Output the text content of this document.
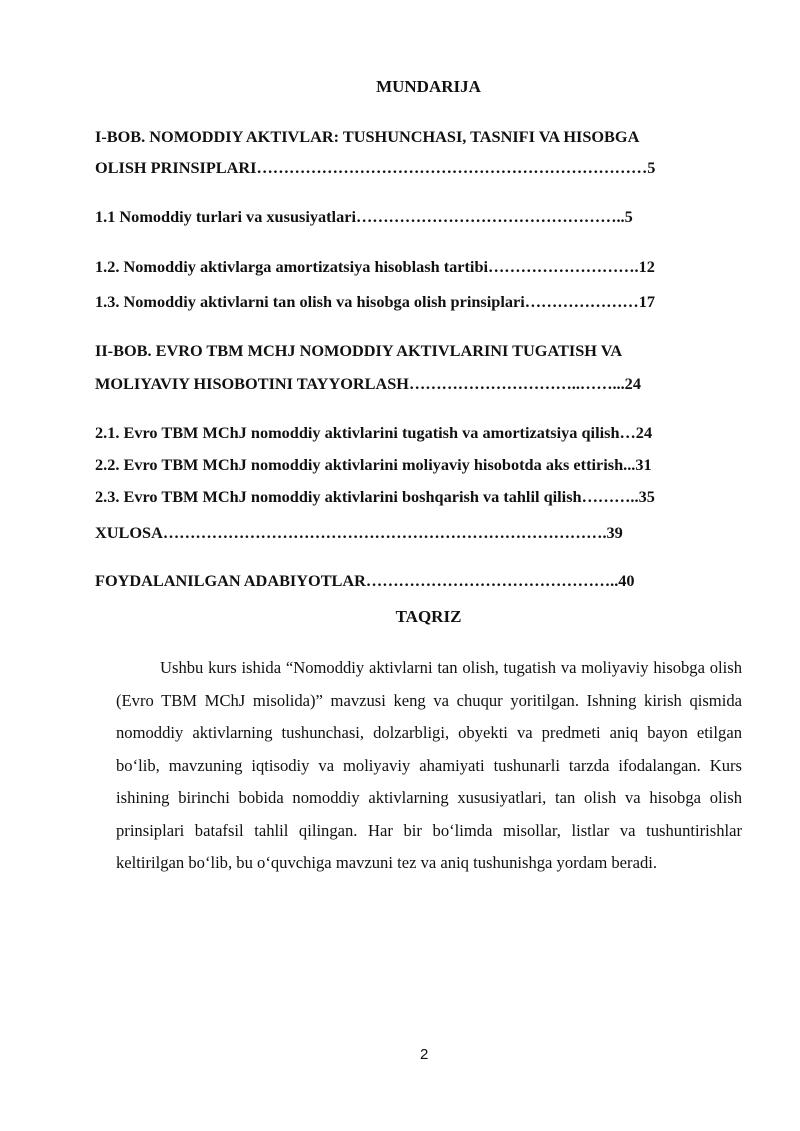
MUNDARIJA
I-BOB. NOMODDIY AKTIVLAR: TUSHUNCHASI, TASNIFI VA HISOBGA
OLISH PRINSIPLARI………………………………………………………………5
1.1 Nomoddiy turlari va xususiyatlari…………………………………………..5
1.2. Nomoddiy aktivlarga amortizatsiya hisoblash tartibi……………………….12
1.3. Nomoddiy aktivlarni tan olish va hisobga olish prinsiplari…………………17
II-BOB. EVRO TBM MCHJ NOMODDIY AKTIVLARINI TUGATISH VA
MOLIYAVIY HISOBOTINI TAYYORLASH…………………………..……...24
2.1. Evro TBM MChJ nomoddiy aktivlarini tugatish va amortizatsiya qilish…24
2.2. Evro TBM MChJ nomoddiy aktivlarini moliyaviy hisobotda aks ettirish...31
2.3. Evro TBM MChJ nomoddiy aktivlarini boshqarish va tahlil qilish………..35
XULOSA……………………………………………………………………….39
FOYDALANILGAN ADABIYOTLAR………………………………………..40
TAQRIZ

Ushbu kurs ishida “Nomoddiy aktivlarni tan olish, tugatish va moliyaviy hisobga olish (Evro TBM MChJ misolida)” mavzusi keng va chuqur yoritilgan. Ishning kirish qismida nomoddiy aktivlarning tushunchasi, dolzarbligi, obyekti va predmeti aniq bayon etilgan bo‘lib, mavzuning iqtisodiy va moliyaviy ahamiyati tushunarli tarzda ifodalangan. Kurs ishining birinchi bobida nomoddiy aktivlarning xususiyatlari, tan olish va hisobga olish prinsiplari batafsil tahlil qilingan. Har bir bo‘limda misollar, listlar va tushuntirishlar keltirilgan bo‘lib, bu o‘quvchiga mavzuni tez va aniq tushunishga yordam beradi.

2
